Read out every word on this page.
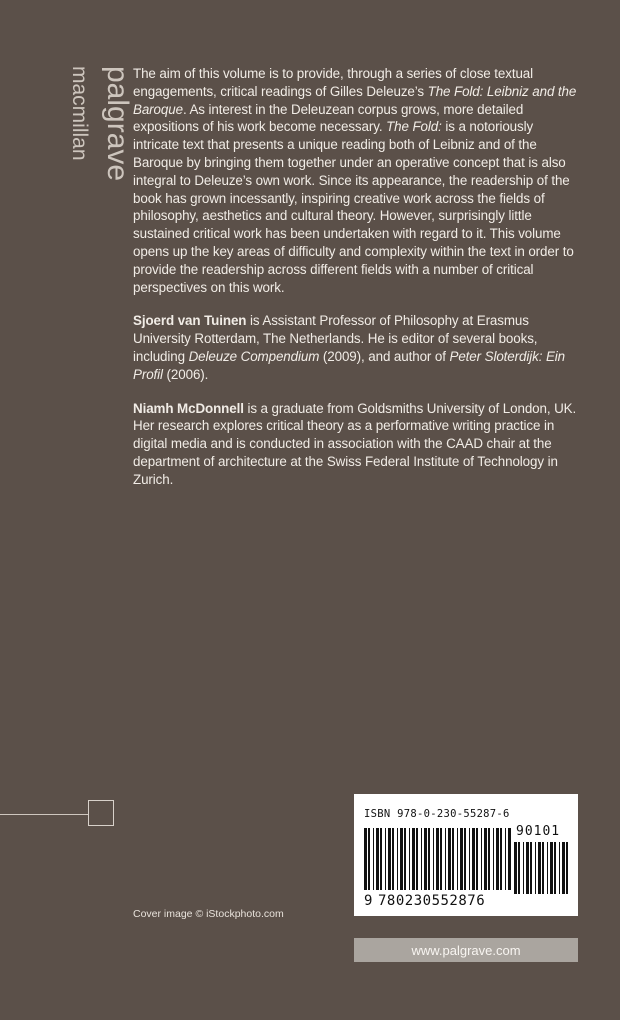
palgrave
macmillan	The aim of this volume is to provide, through a series of close textual engagements, critical readings of Gilles Deleuze’s The Fold: Leibniz and the Baroque. As interest in the Deleuzean corpus grows, more detailed expositions of his work become necessary. The Fold: is a notoriously intricate text that presents a unique reading both of Leibniz and of the Baroque by bringing them together under an operative concept that is also integral to Deleuze’s own work. Since its appearance, the readership of the book has grown incessantly, inspiring creative work across the fields of philosophy, aesthetics and cultural theory. However, surprisingly little sustained critical work has been undertaken with regard to it. This volume opens up the key areas of difficulty and complexity within the text in order to provide the readership across different fields with a number of critical perspectives on this work.

Sjoerd van Tuinen is Assistant Professor of Philosophy at Erasmus University Rotterdam, The Netherlands. He is editor of several books, including Deleuze Compendium (2009), and author of Peter Sloterdijk: Ein Profil (2006).

Niamh McDonnell is a graduate from Goldsmiths University of London, UK. Her research explores critical theory as a performative writing practice in digital media and is conducted in association with the CAAD chair at the department of architecture at the Swiss Federal Institute of Technology in Zurich.

Cover image © iStockphoto.com
ISBN 978-0-230-55287-6
90101
9 780230552876
www.palgrave.com
